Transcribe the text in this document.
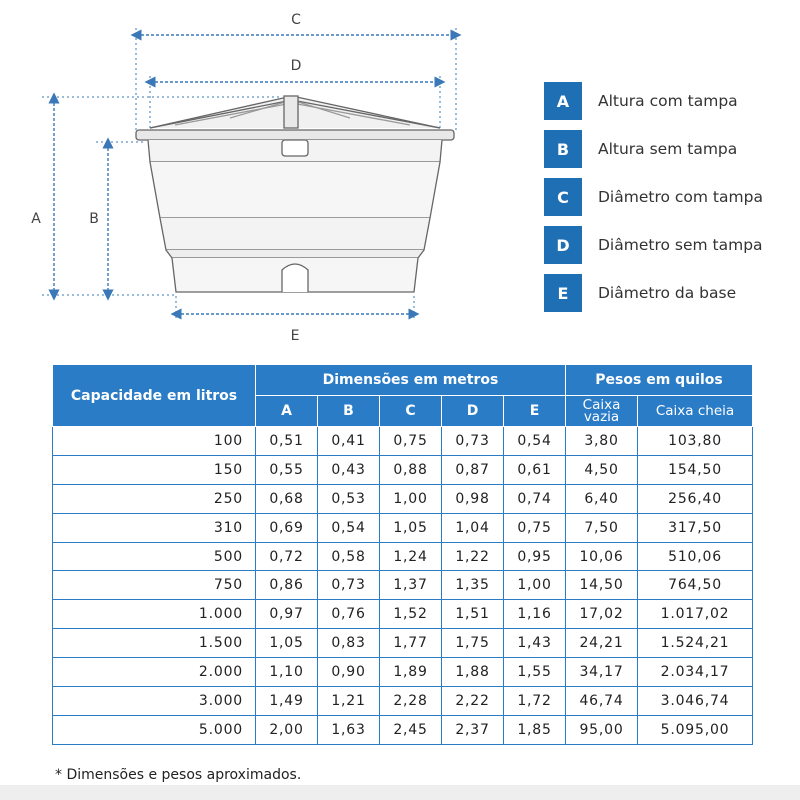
C
D
A	B
E
A	Altura com tampa
B	Altura sem tampa
C	Diâmetro com tampa
D	Diâmetro sem tampa
E	Diâmetro da base
Capacidade em litros	Dimensões em metros					Pesos em quilos	
	A	B	C	D	E	Caixa vazia	Caixa cheia
100	0,51	0,41	0,75	0,73	0,54	3,80	103,80
150	0,55	0,43	0,88	0,87	0,61	4,50	154,50
250	0,68	0,53	1,00	0,98	0,74	6,40	256,40
310	0,69	0,54	1,05	1,04	0,75	7,50	317,50
500	0,72	0,58	1,24	1,22	0,95	10,06	510,06
750	0,86	0,73	1,37	1,35	1,00	14,50	764,50
1.000	0,97	0,76	1,52	1,51	1,16	17,02	1.017,02
1.500	1,05	0,83	1,77	1,75	1,43	24,21	1.524,21
2.000	1,10	0,90	1,89	1,88	1,55	34,17	2.034,17
3.000	1,49	1,21	2,28	2,22	1,72	46,74	3.046,74
5.000	2,00	1,63	2,45	2,37	1,85	95,00	5.095,00
* Dimensões e pesos aproximados.
